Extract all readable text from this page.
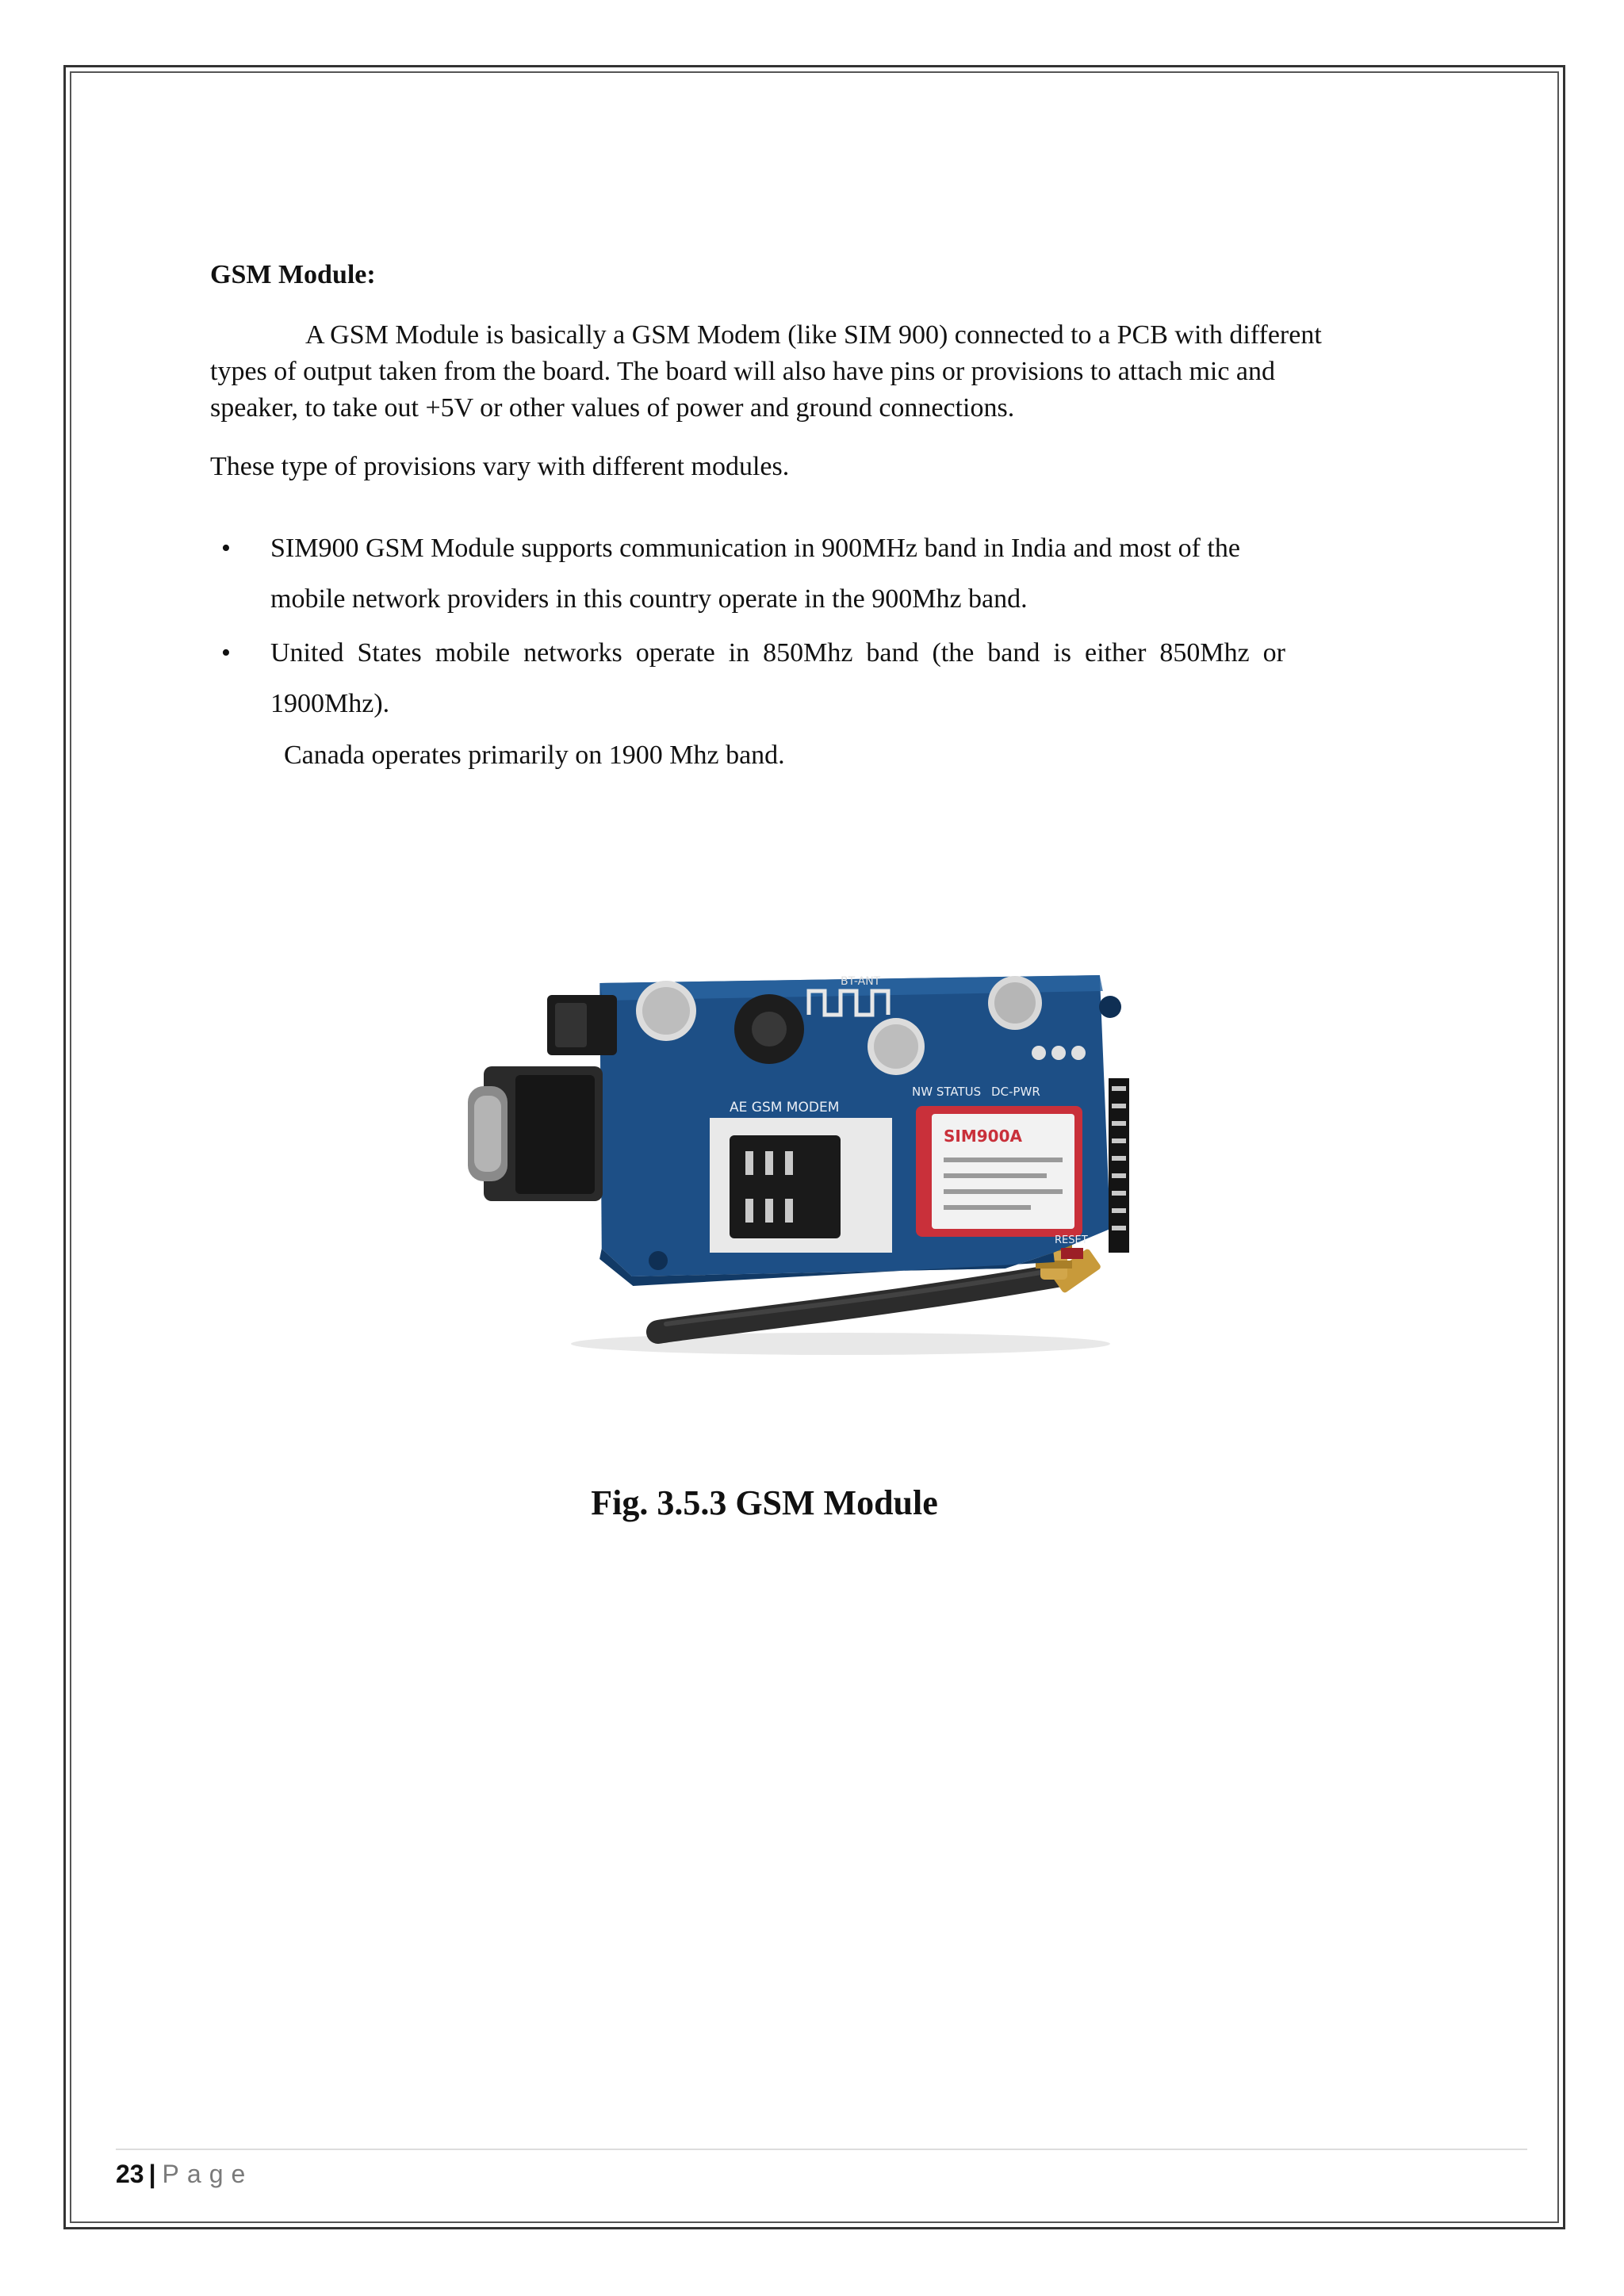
GSM Module:

A GSM Module is basically a GSM Modem (like SIM 900) connected to a PCB with different types of output taken from the board. The board will also have pins or provisions to attach mic and speaker, to take out +5V or other values of power and ground connections.

These type of provisions vary with different modules.

• SIM900 GSM Module supports communication in 900MHz band in India and most of the mobile network providers in this country operate in the 900Mhz band.
• United States mobile networks operate in 850Mhz band (the band is either 850Mhz or 1900Mhz).

Canada operates primarily on 1900 Mhz band.

BT-ANT
NW STATUS DC-PWR
AE GSM MODEM
SIM900A
RESET

Fig. 3.5.3 GSM Module

23 | Page
